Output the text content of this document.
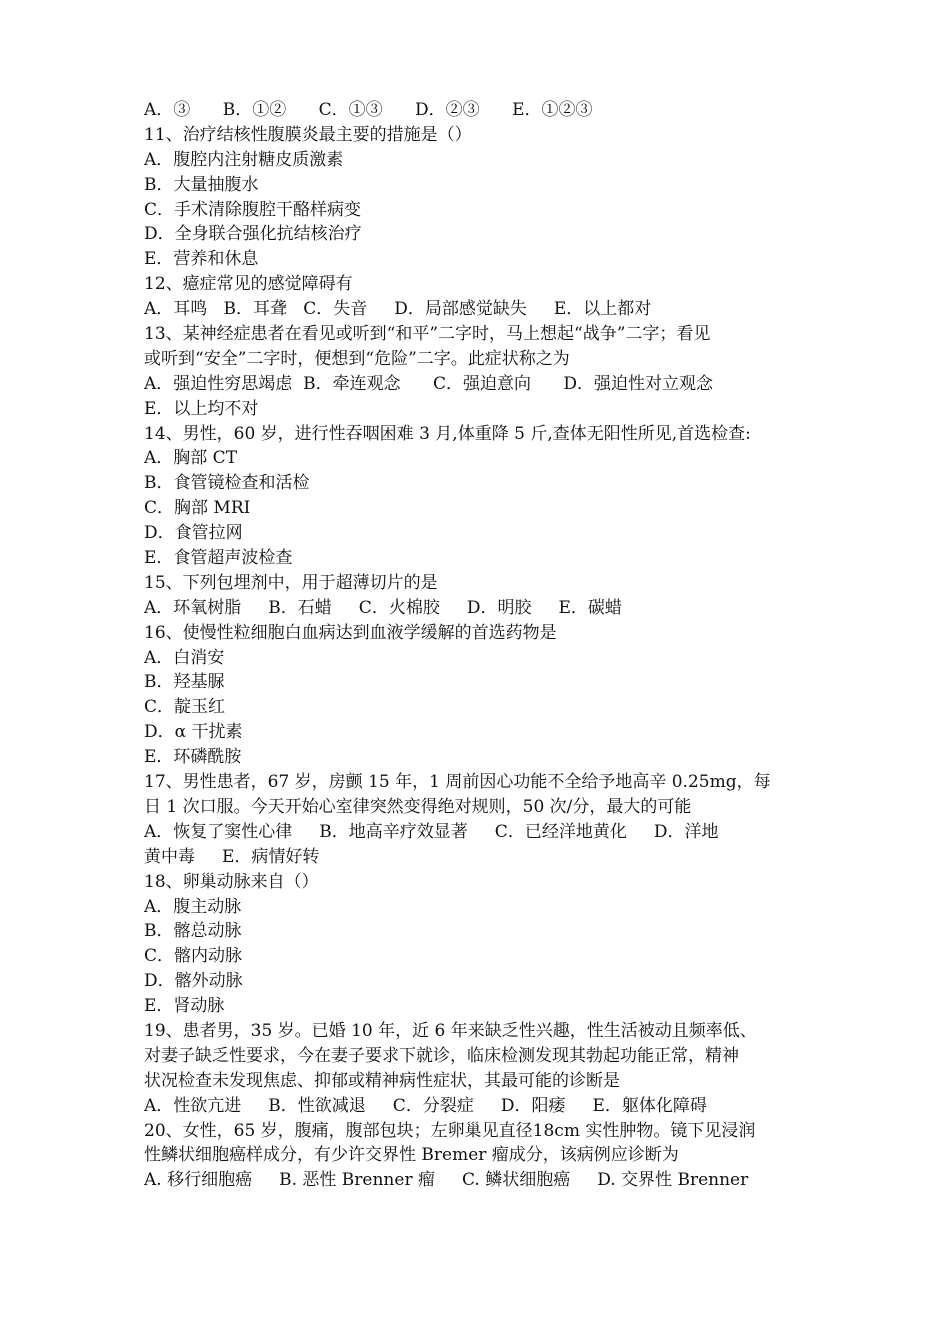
A．③      B．①②      C．①③      D．②③      E．①②③
11、治疗结核性腹膜炎最主要的措施是（）
A．腹腔内注射糖皮质激素
B．大量抽腹水
C．手术清除腹腔干酪样病变
D．全身联合强化抗结核治疗
E．营养和休息
12、癔症常见的感觉障碍有
A．耳鸣   B．耳聋   C．失音     D．局部感觉缺失     E．以上都对
13、某神经症患者在看见或听到“和平”二字时，马上想起“战争”二字；看见
或听到“安全”二字时，便想到“危险”二字。此症状称之为
A．强迫性穷思竭虑  B．牵连观念      C．强迫意向      D．强迫性对立观念
E．以上均不对
14、男性，60 岁，进行性吞咽困难 3 月,体重降 5 斤,查体无阳性所见,首选检查:
A．胸部 CT
B．食管镜检查和活检
C．胸部 MRI
D．食管拉网
E．食管超声波检查
15、下列包埋剂中，用于超薄切片的是
A．环氧树脂     B．石蜡     C．火棉胶     D．明胶     E．碳蜡
16、使慢性粒细胞白血病达到血液学缓解的首选药物是
A．白消安
B．羟基脲
C．靛玉红
D．α 干扰素
E．环磷酰胺
17、男性患者，67 岁，房颤 15 年，1 周前因心功能不全给予地高辛 0.25mg，每
日 1 次口服。今天开始心室律突然变得绝对规则，50 次/分，最大的可能
A．恢复了窦性心律     B．地高辛疗效显著     C．已经洋地黄化     D．洋地
黄中毒     E．病情好转
18、卵巢动脉来自（）
A．腹主动脉
B．髂总动脉
C．髂内动脉
D．髂外动脉
E．肾动脉
19、患者男，35 岁。已婚 10 年，近 6 年来缺乏性兴趣，性生活被动且频率低、
对妻子缺乏性要求，今在妻子要求下就诊，临床检测发现其勃起功能正常，精神
状况检查未发现焦虑、抑郁或精神病性症状，其最可能的诊断是
A．性欲亢进     B．性欲减退     C．分裂症     D．阳痿     E．躯体化障碍
20、女性，65 岁，腹痛，腹部包块；左卵巢见直径18cm 实性肿物。镜下见浸润
性鳞状细胞癌样成分，有少许交界性 Bremer 瘤成分，该病例应诊断为
A. 移行细胞癌     B. 恶性 Brenner 瘤     C. 鳞状细胞癌     D. 交界性 Brenner
